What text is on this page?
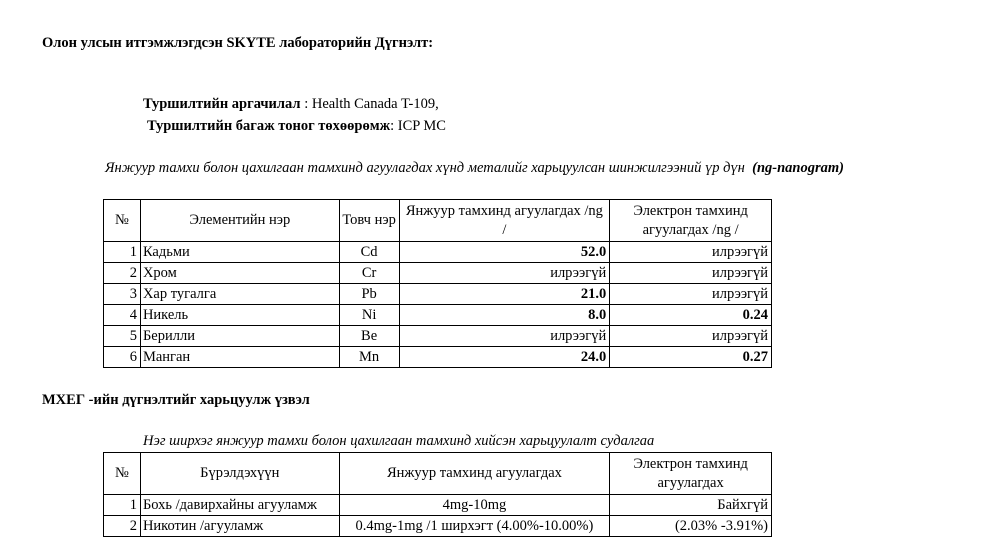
Олон улсын итгэмжлэгдсэн SKYTE лабораторийн Дүгнэлт:
Туршилтийн аргачилал : Health Canada T-109,
Туршилтийн багаж тоног төхөөрөмж: ICP MC
Янжуур тамхи болон цахилгаан тамхинд агуулагдах хүнд металийг харьцуулсан шинжилгээний үр дүн (ng-nanogram)
№	Элементийн нэр	Товч нэр	Янжуур тамхинд агуулагдах /ng /	Электрон тамхинд агуулагдах /ng /
1	Кадьми	Cd	52.0	илрээгүй
2	Хром	Cr	илрээгүй	илрээгүй
3	Хар тугалга	Pb	21.0	илрээгүй
4	Никель	Ni	8.0	0.24
5	Берилли	Be	илрээгүй	илрээгүй
6	Манган	Mn	24.0	0.27
МХЕГ -ийн дүгнэлтийг харьцуулж үзвэл
Нэг ширхэг янжуур тамхи болон цахилгаан тамхинд хийсэн харьцуулалт судалгаа
№	Бүрэлдэхүүн	Янжуур тамхинд агуулагдах	Электрон тамхинд агуулагдах
1	Бохь /давирхайны агууламж	4mg-10mg	Байхгүй
2	Никотин /агууламж	0.4mg-1mg /1 ширхэгт (4.00%-10.00%)	(2.03% -3.91%)
